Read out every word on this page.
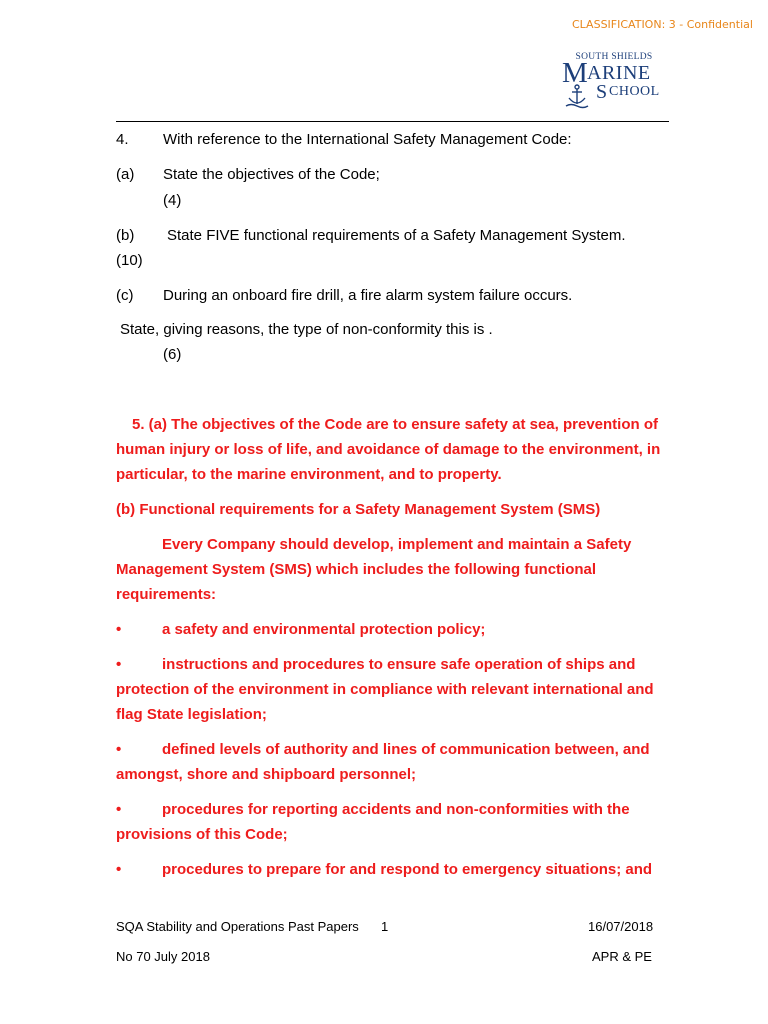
CLASSIFICATION: 3 - Confidential
SOUTH SHIELDS
M ARINE
S CHOOL
4. With reference to the International Safety Management Code:
(a) State the objectives of the Code;
(4)
(b) State FIVE functional requirements of a Safety Management System.
(10)
(c) During an onboard fire drill, a fire alarm system failure occurs.
State, giving reasons, the type of non-conformity this is .
(6)

5. (a) The objectives of the Code are to ensure safety at sea, prevention of human injury or loss of life, and avoidance of damage to the environment, in particular, to the marine environment, and to property.

(b) Functional requirements for a Safety Management System (SMS)

Every Company should develop, implement and maintain a Safety Management System (SMS) which includes the following functional requirements:

•	a safety and environmental protection policy;

•	instructions and procedures to ensure safe operation of ships and protection of the environment in compliance with relevant international and flag State legislation;

•	defined levels of authority and lines of communication between, and amongst, shore and shipboard personnel;

•	procedures for reporting accidents and non-conformities with the provisions of this Code;

•	procedures to prepare for and respond to emergency situations; and

SQA Stability and Operations Past Papers 1	16/07/2018
No 70 July 2018	APR & PE
